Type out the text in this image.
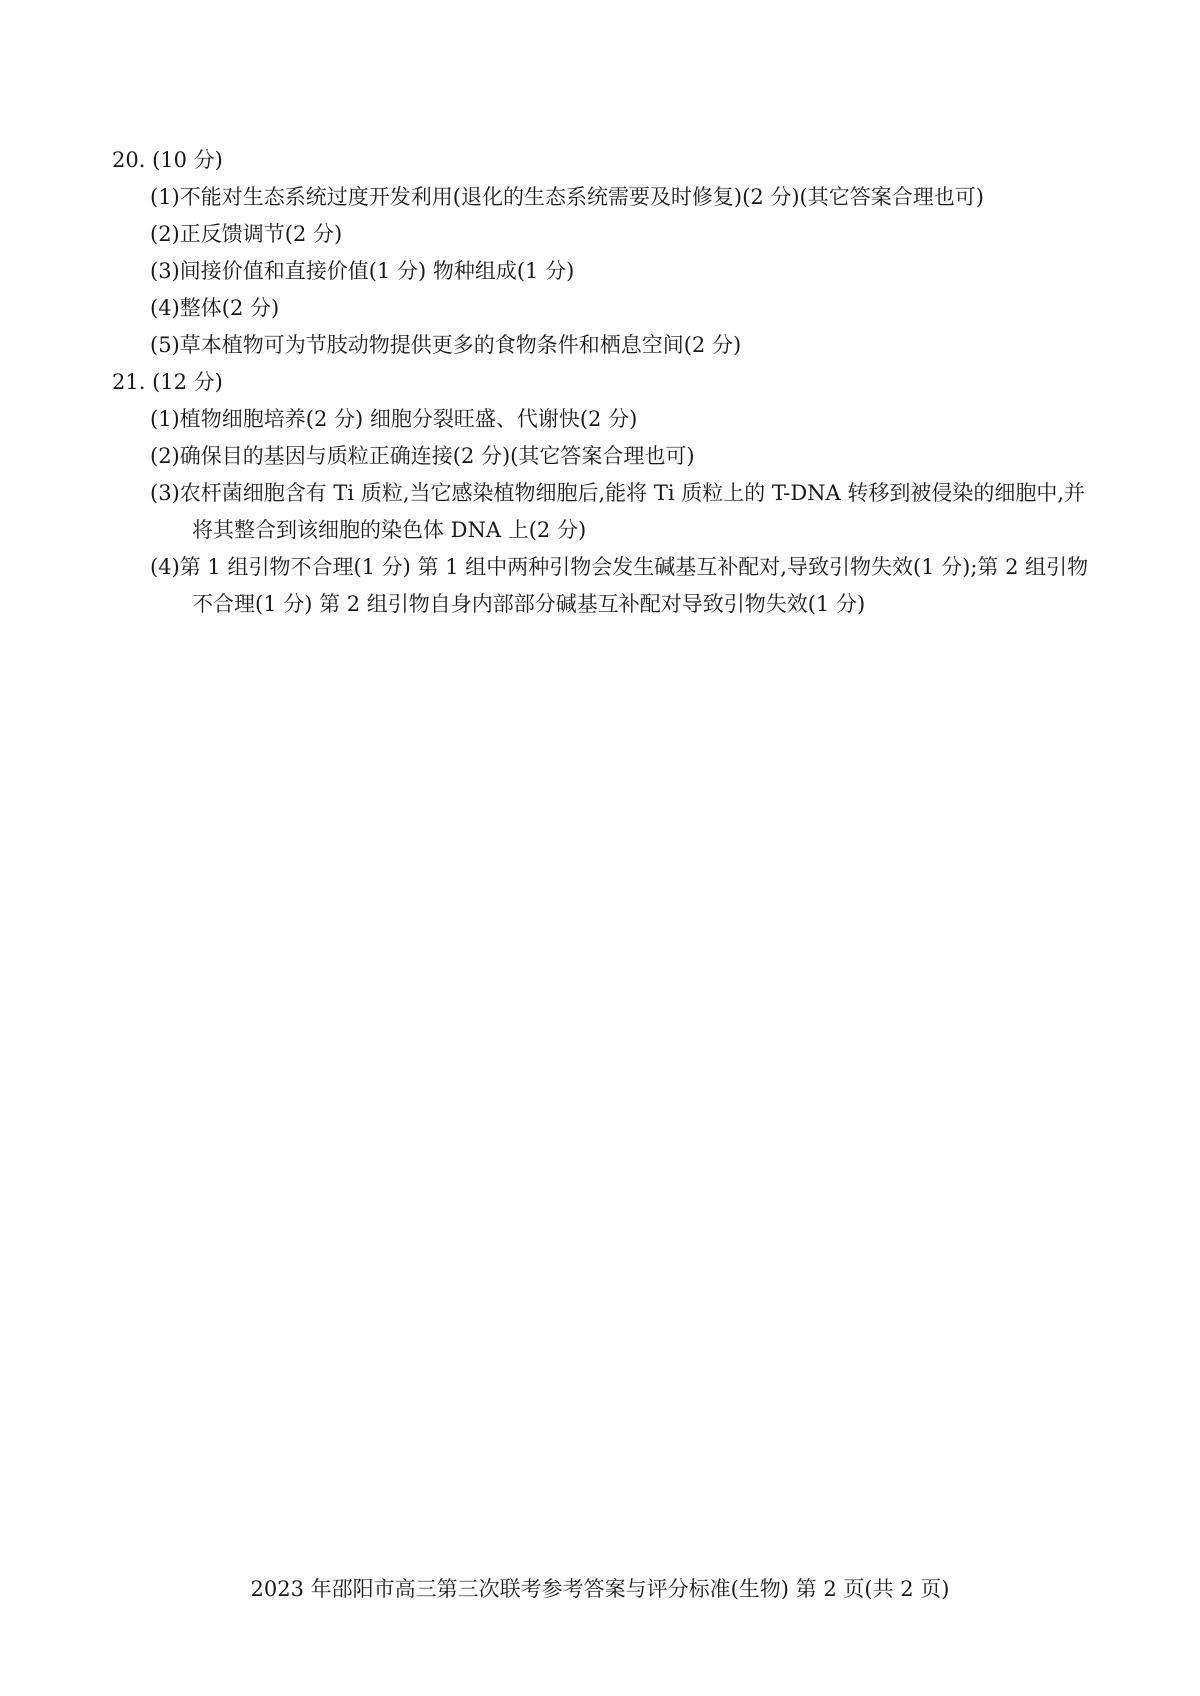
20. (10 分)
(1)不能对生态系统过度开发利用(退化的生态系统需要及时修复)(2 分)(其它答案合理也可)
(2)正反馈调节(2 分)
(3)间接价值和直接价值(1 分) 物种组成(1 分)
(4)整体(2 分)
(5)草本植物可为节肢动物提供更多的食物条件和栖息空间(2 分)
21. (12 分)
(1)植物细胞培养(2 分) 细胞分裂旺盛、代谢快(2 分)
(2)确保目的基因与质粒正确连接(2 分)(其它答案合理也可)
(3)农杆菌细胞含有 Ti 质粒,当它感染植物细胞后,能将 Ti 质粒上的 T-DNA 转移到被侵染的细胞中,并将其整合到该细胞的染色体 DNA 上(2 分)
(4)第 1 组引物不合理(1 分) 第 1 组中两种引物会发生碱基互补配对,导致引物失效(1 分);第 2 组引物不合理(1 分) 第 2 组引物自身内部部分碱基互补配对导致引物失效(1 分)
2023 年邵阳市高三第三次联考参考答案与评分标准(生物) 第 2 页(共 2 页)
